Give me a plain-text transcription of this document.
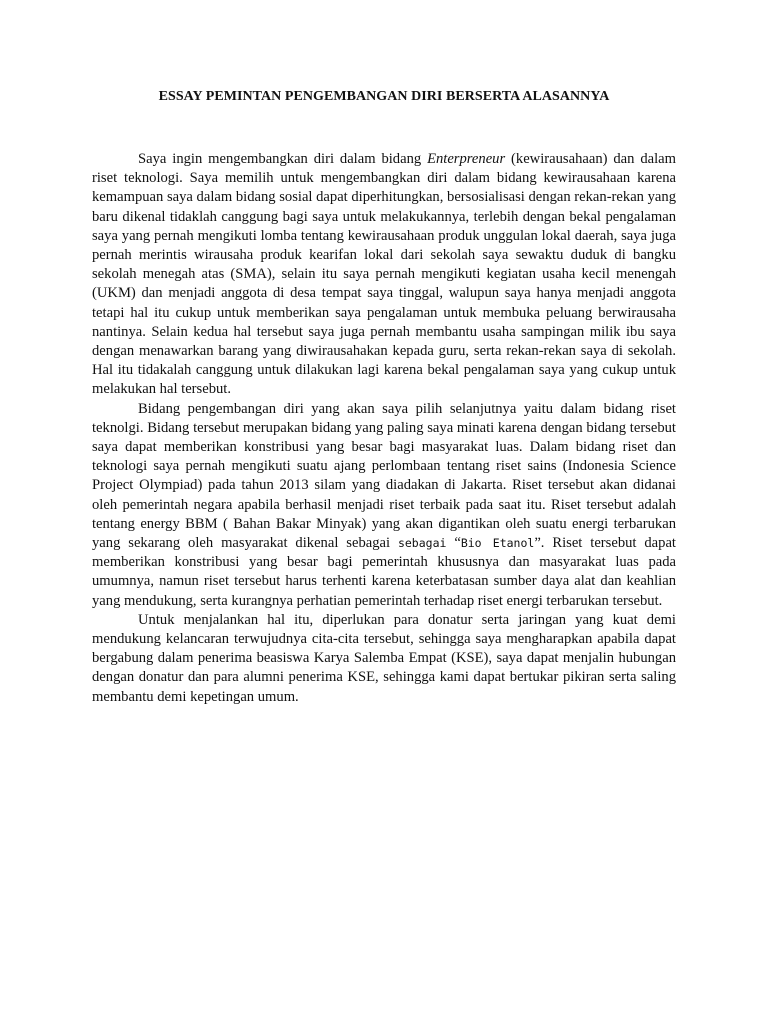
ESSAY PEMINTAN PENGEMBANGAN DIRI BERSERTA ALASANNYA

Saya ingin mengembangkan diri dalam bidang Enterpreneur (kewirausahaan) dan dalam riset teknologi. Saya memilih untuk mengembangkan diri dalam bidang kewirausahaan karena kemampuan saya dalam bidang sosial dapat diperhitungkan, bersosialisasi dengan rekan-rekan yang baru dikenal tidaklah canggung bagi saya untuk melakukannya, terlebih dengan bekal pengalaman saya yang pernah mengikuti lomba tentang kewirausahaan produk unggulan lokal daerah, saya juga pernah merintis wirausaha produk kearifan lokal dari sekolah saya sewaktu duduk di bangku sekolah menegah atas (SMA), selain itu saya pernah mengikuti kegiatan usaha kecil menengah (UKM) dan menjadi anggota di desa tempat saya tinggal, walupun saya hanya menjadi anggota tetapi hal itu cukup untuk memberikan saya pengalaman untuk membuka peluang berwirausaha nantinya. Selain kedua hal tersebut saya juga pernah membantu usaha sampingan milik ibu saya dengan menawarkan barang yang diwirausahakan kepada guru, serta rekan-rekan saya di sekolah. Hal itu tidakalah canggung untuk dilakukan lagi karena bekal pengalaman saya yang cukup untuk melakukan hal tersebut.

Bidang pengembangan diri yang akan saya pilih selanjutnya yaitu dalam bidang riset teknolgi. Bidang tersebut merupakan bidang yang paling saya minati karena dengan bidang tersebut saya dapat memberikan konstribusi yang besar bagi masyarakat luas. Dalam bidang riset dan teknologi saya pernah mengikuti suatu ajang perlombaan tentang riset sains (Indonesia Science Project Olympiad) pada tahun 2013 silam yang diadakan di Jakarta. Riset tersebut akan didanai oleh pemerintah negara apabila berhasil menjadi riset terbaik pada saat itu. Riset tersebut adalah tentang energy BBM ( Bahan Bakar Minyak) yang akan digantikan oleh suatu energi terbarukan yang sekarang oleh masyarakat dikenal sebagai sebagai “Bio Etanol”. Riset tersebut dapat memberikan konstribusi yang besar bagi pemerintah khususnya dan masyarakat luas pada umumnya, namun riset tersebut harus terhenti karena keterbatasan sumber daya alat dan keahlian yang mendukung, serta kurangnya perhatian pemerintah terhadap riset energi terbarukan tersebut.

Untuk menjalankan hal itu, diperlukan para donatur serta jaringan yang kuat demi mendukung kelancaran terwujudnya cita-cita tersebut, sehingga saya mengharapkan apabila dapat bergabung dalam penerima beasiswa Karya Salemba Empat (KSE), saya dapat menjalin hubungan dengan donatur dan para alumni penerima KSE, sehingga kami dapat bertukar pikiran serta saling membantu demi kepetingan umum.
